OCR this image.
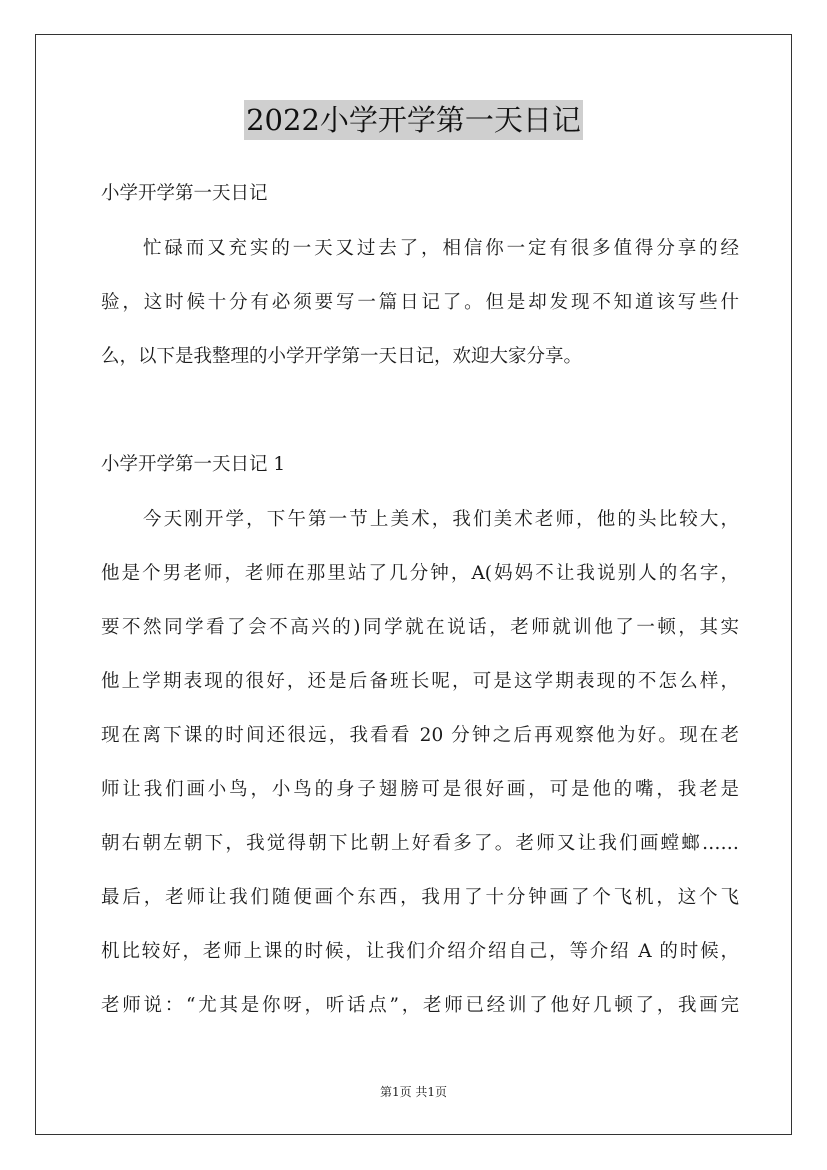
2022小学开学第一天日记
小学开学第一天日记
忙碌而又充实的一天又过去了，相信你一定有很多值得分享的经
验，这时候十分有必须要写一篇日记了。但是却发现不知道该写些什
么，以下是我整理的小学开学第一天日记，欢迎大家分享。
小学开学第一天日记 1
今天刚开学，下午第一节上美术，我们美术老师，他的头比较大，
他是个男老师，老师在那里站了几分钟，A(妈妈不让我说别人的名字，
要不然同学看了会不高兴的)同学就在说话，老师就训他了一顿，其实
他上学期表现的很好，还是后备班长呢，可是这学期表现的不怎么样，
现在离下课的时间还很远，我看看 20 分钟之后再观察他为好。现在老
师让我们画小鸟，小鸟的身子翅膀可是很好画，可是他的嘴，我老是
朝右朝左朝下，我觉得朝下比朝上好看多了。老师又让我们画螳螂……
最后，老师让我们随便画个东西，我用了十分钟画了个飞机，这个飞
机比较好，老师上课的时候，让我们介绍介绍自己，等介绍 A 的时候，
老师说：“尤其是你呀，听话点”，老师已经训了他好几顿了，我画完
第1页 共1页
